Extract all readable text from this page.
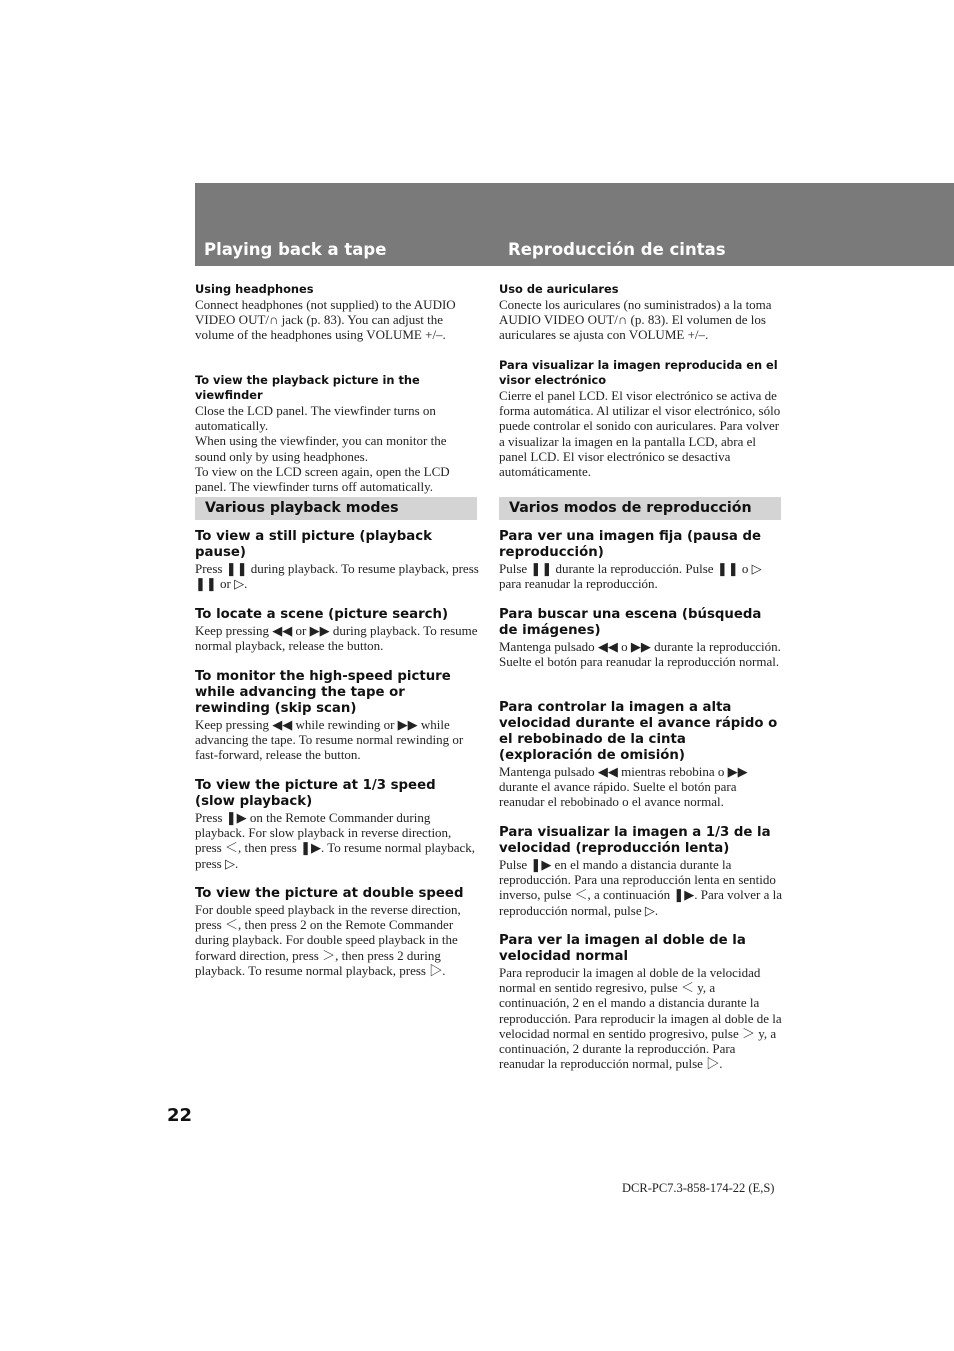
Playing back a tape	Reproducción de cintas

Using headphones

Connect headphones (not supplied) to the AUDIO VIDEO OUT/∩ jack (p. 83). You can adjust the volume of the headphones using VOLUME +/–.

To view the playback picture in the viewfinder

Close the LCD panel. The viewfinder turns on automatically.

When using the viewfinder, you can monitor the sound only by using headphones.

To view on the LCD screen again, open the LCD panel. The viewfinder turns off automatically.

To view a still picture (playback pause)

Press ❚❚ during playback. To resume playback, press ❚❚ or ▷.

To locate a scene (picture search)

Keep pressing ◀◀ or ▶▶ during playback. To resume normal playback, release the button.

To monitor the high-speed picture while advancing the tape or rewinding (skip scan)

Keep pressing ◀◀ while rewinding or ▶▶ while advancing the tape. To resume normal rewinding or fast-forward, release the button.

To view the picture at 1/3 speed (slow playback)

Press ❚▶ on the Remote Commander during playback. For slow playback in reverse direction, press ＜, then press ❚▶. To resume normal playback, press ▷.

To view the picture at double speed

For double speed playback in the reverse direction, press ＜, then press 2 on the Remote Commander during playback. For double speed playback in the forward direction, press ＞, then press 2 during playback. To resume normal playback, press ▷.

Various playback modes

Uso de auriculares

Conecte los auriculares (no suministrados) a la toma AUDIO VIDEO OUT/∩ (p. 83). El volumen de los auriculares se ajusta con VOLUME +/–.

Para visualizar la imagen reproducida en el visor electrónico

Cierre el panel LCD. El visor electrónico se activa de forma automática. Al utilizar el visor electrónico, sólo puede controlar el sonido con auriculares. Para volver a visualizar la imagen en la pantalla LCD, abra el panel LCD. El visor electrónico se desactiva automáticamente.

Para ver una imagen fija (pausa de reproducción)

Pulse ❚❚ durante la reproducción. Pulse ❚❚ o ▷ para reanudar la reproducción.

Para buscar una escena (búsqueda de imágenes)

Mantenga pulsado ◀◀ o ▶▶ durante la reproducción. Suelte el botón para reanudar la reproducción normal.

Para controlar la imagen a alta velocidad durante el avance rápido o el rebobinado de la cinta (exploración de omisión)

Mantenga pulsado ◀◀ mientras rebobina o ▶▶ durante el avance rápido. Suelte el botón para reanudar el rebobinado o el avance normal.

Para visualizar la imagen a 1/3 de la velocidad (reproducción lenta)

Pulse ❚▶ en el mando a distancia durante la reproducción. Para una reproducción lenta en sentido inverso, pulse ＜, a continuación ❚▶. Para volver a la reproducción normal, pulse ▷.

Para ver la imagen al doble de la velocidad normal

Para reproducir la imagen al doble de la velocidad normal en sentido regresivo, pulse ＜ y, a continuación, 2 en el mando a distancia durante la reproducción. Para reproducir la imagen al doble de la velocidad normal en sentido progresivo, pulse ＞ y, a continuación, 2 durante la reproducción. Para reanudar la reproducción normal, pulse ▷.

Varios modos de reproducción
22
DCR-PC7.3-858-174-22 (E,S)
